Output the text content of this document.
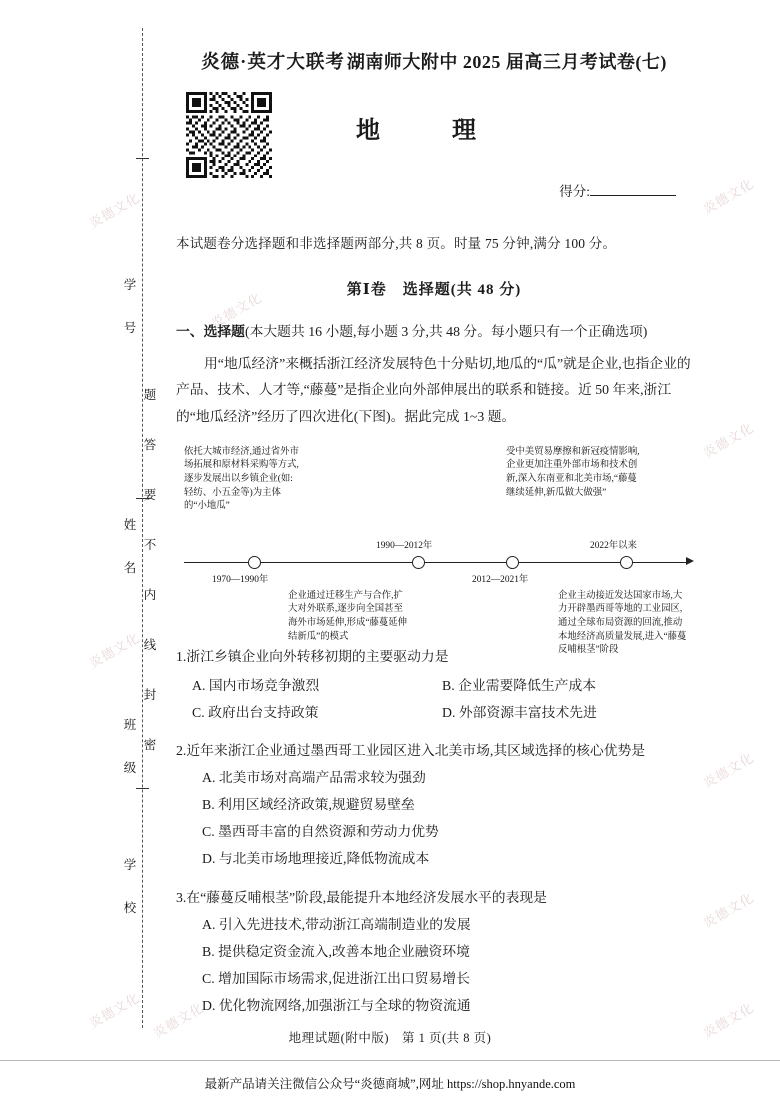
炎德文化	炎德文化
炎德文化
炎德文化
炎德文化
炎德文化
炎德文化
炎德文化 炎德文化	炎德文化
学　号
题
答
要
不
姓　名
内
线
封
密
班　级
学　校
炎德·英才大联考 湖南师大附中 2025 届高三月考试卷(七)
地　理
得分:
本试题卷分选择题和非选择题两部分,共 8 页。时量 75 分钟,满分 100 分。
第Ⅰ卷　选择题(共 48 分)
一、选择题(本大题共 16 小题,每小题 3 分,共 48 分。每小题只有一个正确选项)
用“地瓜经济”来概括浙江经济发展特色十分贴切,地瓜的“瓜”就是企业,也指企业的产品、技术、人才等,“藤蔓”是指企业向外部伸展出的联系和链接。近 50 年来,浙江的“地瓜经济”经历了四次进化(下图)。据此完成 1~3 题。
依托大城市经济,通过省外市场拓展和原材料采购等方式,逐步发展出以乡镇企业(如:轻纺、小五金等)为主体的“小地瓜”
受中美贸易摩擦和新冠疫情影响,企业更加注重外部市场和技术创新,深入东南亚和北美市场,“藤蔓继续延伸,新瓜做大做强”
1970—1990年
1990—2012年
2012—2021年
2022年以来
企业通过迁移生产与合作,扩大对外联系,逐步向全国甚至海外市场延伸,形成“藤蔓延伸结新瓜”的模式
企业主动接近发达国家市场,大力开辟墨西哥等地的工业园区,通过全球布局资源的回流,推动本地经济高质量发展,进入“藤蔓反哺根茎”阶段
1.浙江乡镇企业向外转移初期的主要驱动力是
A. 国内市场竞争激烈	B. 企业需要降低生产成本
C. 政府出台支持政策	D. 外部资源丰富技术先进
2.近年来浙江企业通过墨西哥工业园区进入北美市场,其区域选择的核心优势是
A. 北美市场对高端产品需求较为强劲
B. 利用区域经济政策,规避贸易壁垒
C. 墨西哥丰富的自然资源和劳动力优势
D. 与北美市场地理接近,降低物流成本
3.在“藤蔓反哺根茎”阶段,最能提升本地经济发展水平的表现是
A. 引入先进技术,带动浙江高端制造业的发展
B. 提供稳定资金流入,改善本地企业融资环境
C. 增加国际市场需求,促进浙江出口贸易增长
D. 优化物流网络,加强浙江与全球的物资流通
地理试题(附中版)　第 1 页(共 8 页)
最新产品请关注微信公众号“炎德商城”,网址 https://shop.hnyande.com
